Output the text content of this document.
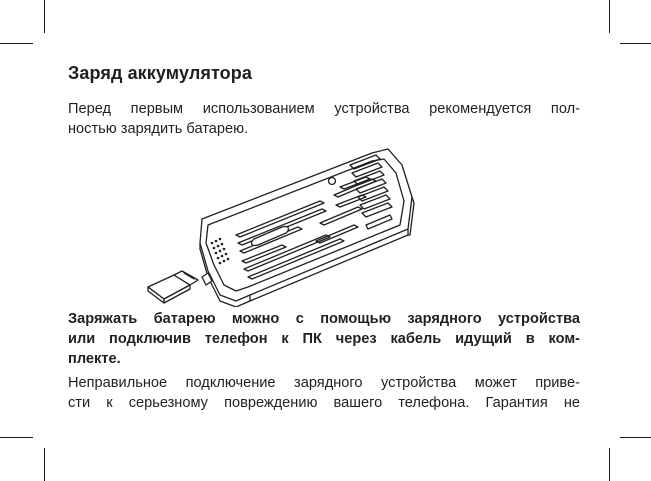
Заряд аккумулятора

Перед первым использованием устройства рекомендуется пол-
ностью зарядить батарею.

Заряжать батарею можно с помощью зарядного устройства
или подключив телефон к ПК через кабель идущий в ком-
плекте.

Неправильное подключение зарядного устройства может приве-
сти к серьезному повреждению вашего телефона. Гарантия не
